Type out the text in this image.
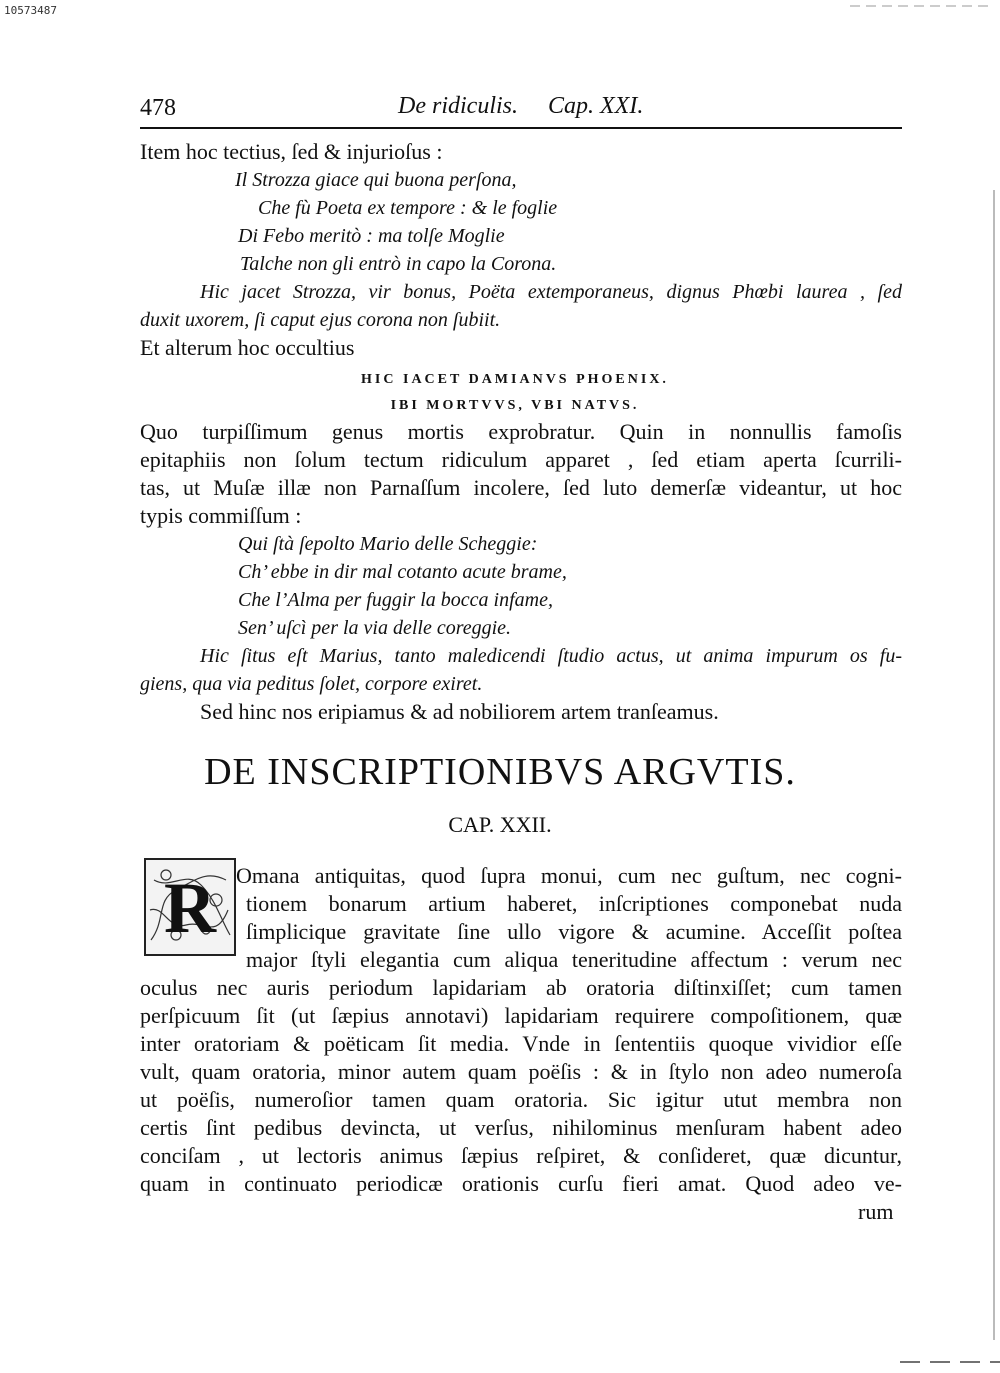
10573487
478	De ridiculis. Cap. XXI.
Item hoc tectius, ſed & injurioſus :
Il Strozza giace qui buona perſona,
Che fù Poeta ex tempore : & le foglie
Di Febo meritò : ma tolſe Moglie
Talche non gli entrò in capo la Corona.
Hic jacet Strozza, vir bonus, Poëta extemporaneus, dignus Phœbi laurea , ſed
duxit uxorem, ſi caput ejus corona non ſubiit.
Et alterum hoc occultius
HIC IACET DAMIANVS PHOENIX.
IBI MORTVVS, VBI NATVS.
Quo turpiſſimum genus mortis exprobratur. Quin in nonnullis famoſis
epitaphiis non ſolum tectum ridiculum apparet , ſed etiam aperta ſcurrili-
tas, ut Muſæ illæ non Parnaſſum incolere, ſed luto demerſæ videantur, ut hoc
typis commiſſum :
Qui ſtà ſepolto Mario delle Scheggie:
Ch’ ebbe in dir mal cotanto acute brame,
Che l’Alma per fuggir la bocca infame,
Sen’ uſcì per la via delle coreggie.
Hic ſitus eſt Marius, tanto maledicendi ſtudio actus, ut anima impurum os fu-
giens, qua via peditus ſolet, corpore exiret.
Sed hinc nos eripiamus & ad nobiliorem artem tranſeamus.
DE INSCRIPTIONIBVS ARGVTIS.
CAP. XXII.
R Omana antiquitas, quod ſupra monui, cum nec guſtum, nec cogni-
tionem bonarum artium haberet, inſcriptiones componebat nuda
ſimplicique gravitate ſine ullo vigore & acumine. Acceſſit poſtea
major ſtyli elegantia cum aliqua teneritudine affectum : verum nec
oculus nec auris periodum lapidariam ab oratoria diſtinxiſſet; cum tamen
perſpicuum ſit (ut ſæpius annotavi) lapidariam requirere compoſitionem, quæ
inter oratoriam & poëticam ſit media. Vnde in ſententiis quoque vividior eſſe
vult, quam oratoria, minor autem quam poëſis : & in ſtylo non adeo numeroſa
ut poëſis, numeroſior tamen quam oratoria. Sic igitur utut membra non
certis ſint pedibus devincta, ut verſus, nihilominus menſuram habent adeo
conciſam , ut lectoris animus ſæpius reſpiret, & conſideret, quæ dicuntur,
quam in continuato periodicæ orationis curſu fieri amat. Quod adeo ve-
rum
